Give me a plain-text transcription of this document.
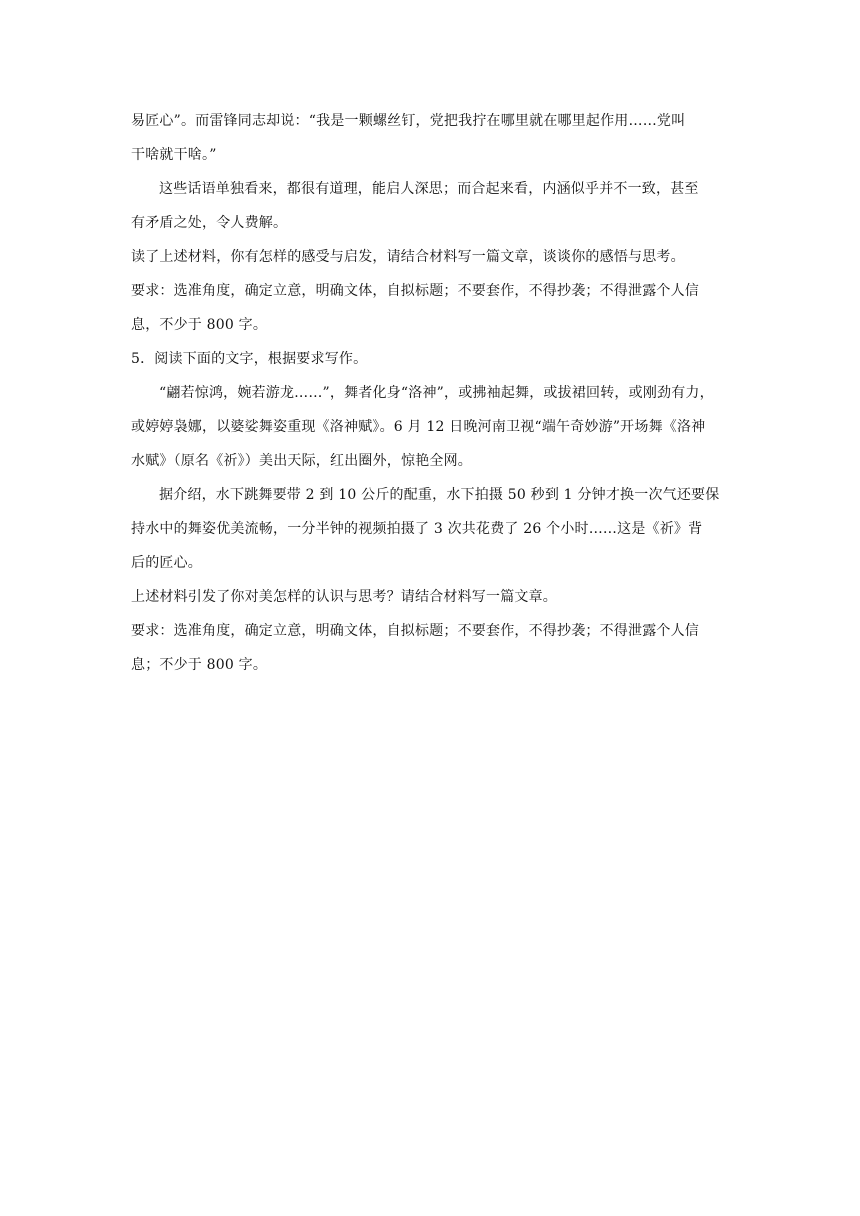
易匠心”。而雷锋同志却说：“我是一颗螺丝钉，党把我拧在哪里就在哪里起作用……党叫
干啥就干啥。”
这些话语单独看来，都很有道理，能启人深思；而合起来看，内涵似乎并不一致，甚至
有矛盾之处，令人费解。
读了上述材料，你有怎样的感受与启发，请结合材料写一篇文章，谈谈你的感悟与思考。
要求：选准角度，确定立意，明确文体，自拟标题；不要套作，不得抄袭；不得泄露个人信
息，不少于 800 字。
5．阅读下面的文字，根据要求写作。
“翩若惊鸿，婉若游龙……”，舞者化身“洛神”，或拂袖起舞，或拔裙回转，或刚劲有力，
或婷婷袅娜，以婆娑舞姿重现《洛神赋》。6 月 12 日晚河南卫视“端午奇妙游”开场舞《洛神
水赋》（原名《祈》）美出天际，红出圈外，惊艳全网。
据介绍，水下跳舞要带 2 到 10 公斤的配重，水下拍摄 50 秒到 1 分钟才换一次气还要保
持水中的舞姿优美流畅，一分半钟的视频拍摄了 3 次共花费了 26 个小时……这是《祈》背
后的匠心。
上述材料引发了你对美怎样的认识与思考？请结合材料写一篇文章。
要求：选准角度，确定立意，明确文体，自拟标题；不要套作，不得抄袭；不得泄露个人信
息；不少于 800 字。
